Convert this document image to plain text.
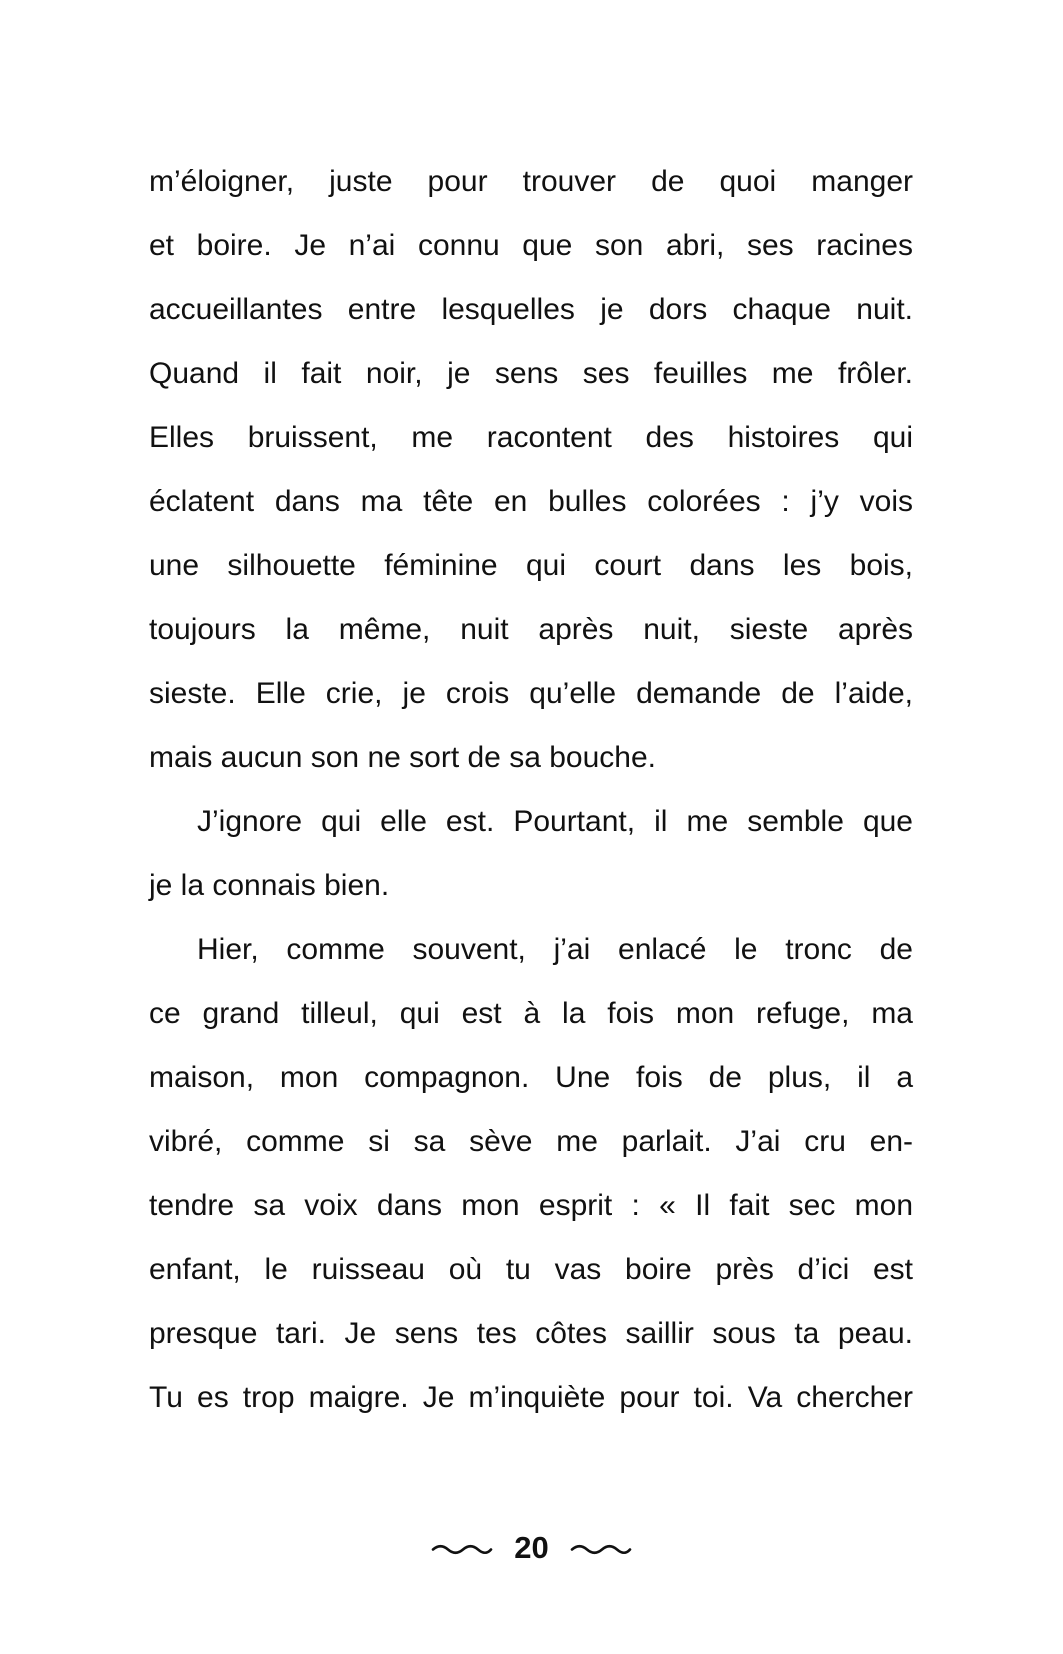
m’éloigner, juste pour trouver de quoi manger
et boire. Je n’ai connu que son abri, ses racines
accueillantes entre lesquelles je dors chaque nuit.
Quand il fait noir, je sens ses feuilles me frôler.
Elles bruissent, me racontent des histoires qui
éclatent dans ma tête en bulles colorées : j’y vois
une silhouette féminine qui court dans les bois,
toujours la même, nuit après nuit, sieste après
sieste. Elle crie, je crois qu’elle demande de l’aide,
mais aucun son ne sort de sa bouche.
J’ignore qui elle est. Pourtant, il me semble que
je la connais bien.
Hier, comme souvent, j’ai enlacé le tronc de
ce grand tilleul, qui est à la fois mon refuge, ma
maison, mon compagnon. Une fois de plus, il a
vibré, comme si sa sève me parlait. J’ai cru en-
tendre sa voix dans mon esprit : « Il fait sec mon
enfant, le ruisseau où tu vas boire près d’ici est
presque tari. Je sens tes côtes saillir sous ta peau.
Tu es trop maigre. Je m’inquiète pour toi. Va chercher
20
